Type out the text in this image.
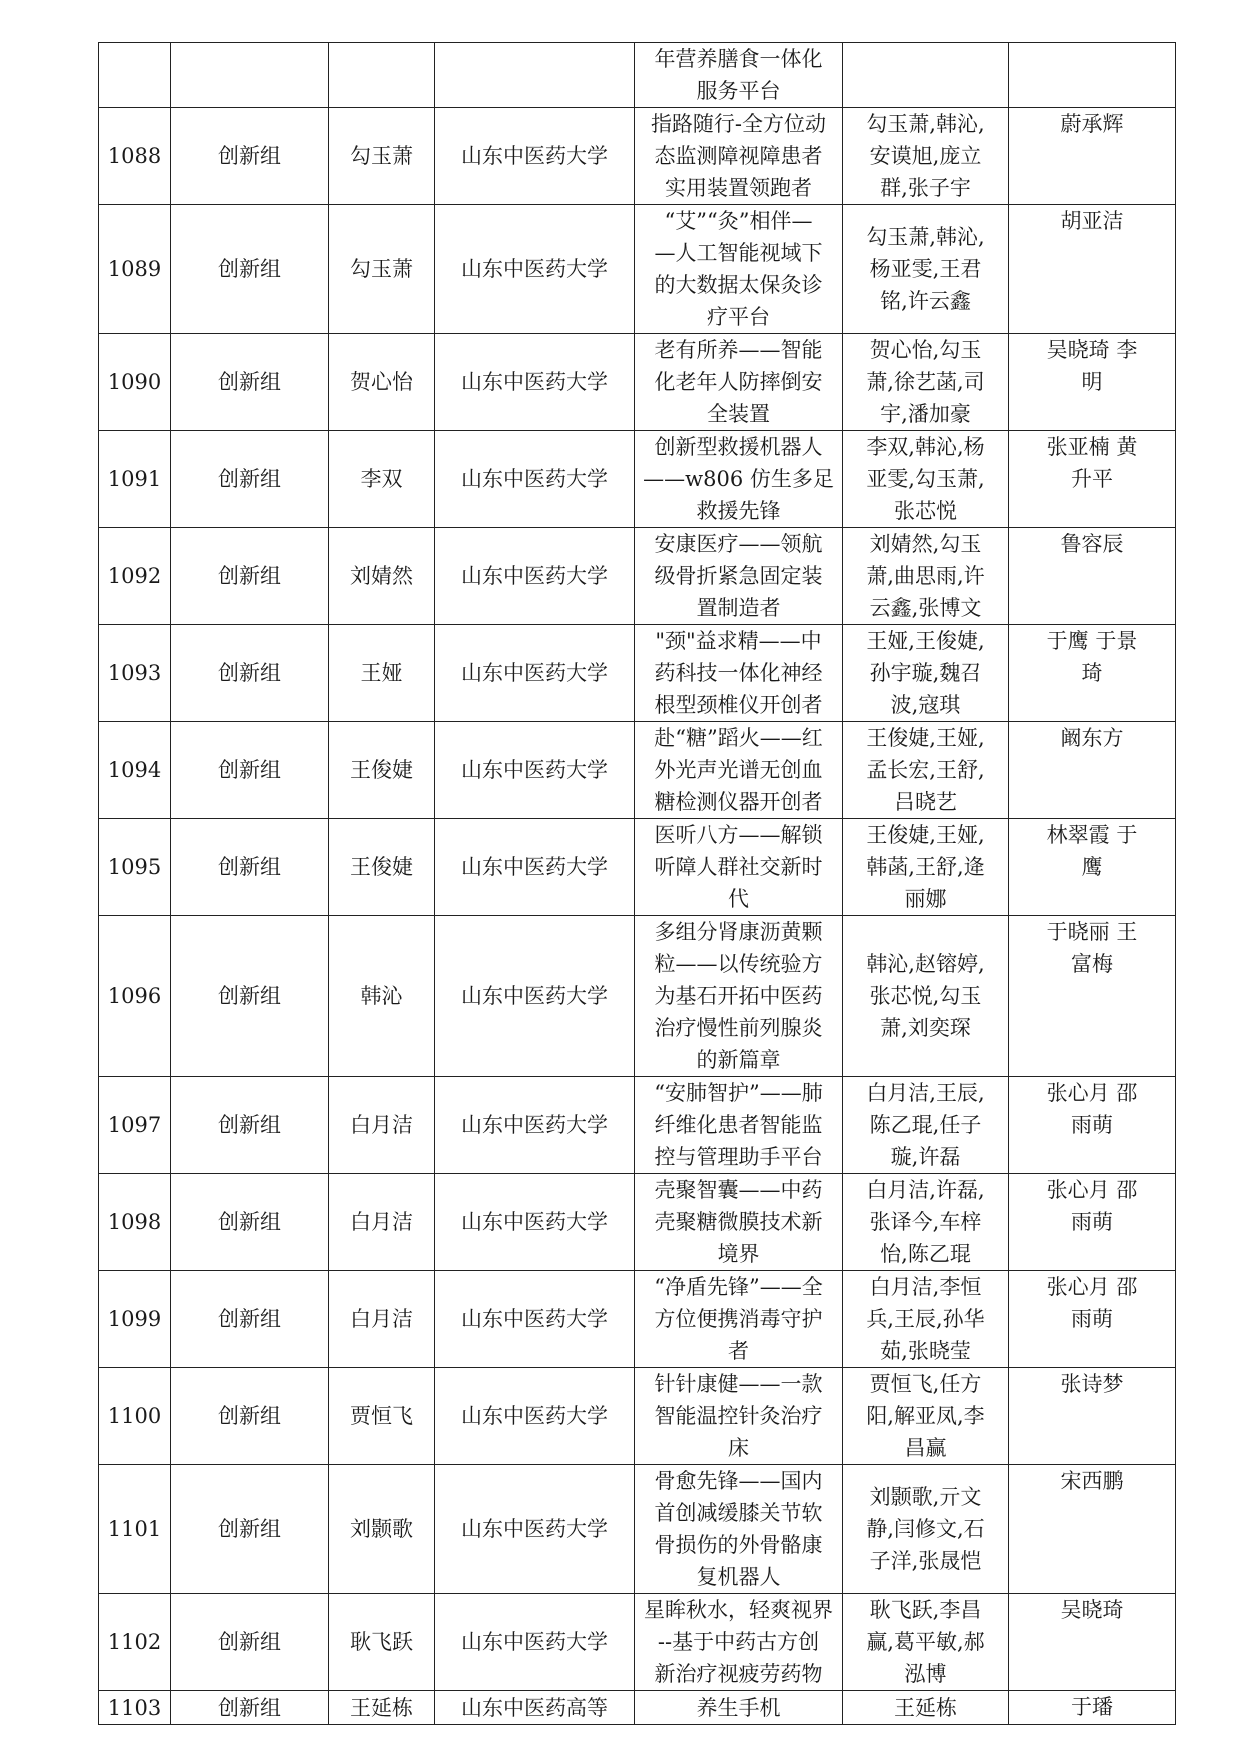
				年营养膳食一体化
服务平台		

1088	创新组	勾玉萧	山东中医药大学	指路随行-全方位动
态监测障视障患者
实用装置领跑者	勾玉萧,韩沁,
安谟旭,庞立
群,张子宇	蔚承辉

1089	创新组	勾玉萧	山东中医药大学	“艾”“灸”相伴—
—人工智能视域下
的大数据太保灸诊
疗平台	勾玉萧,韩沁,
杨亚雯,王君
铭,许云鑫	胡亚洁

1090	创新组	贺心怡	山东中医药大学	老有所养——智能
化老年人防摔倒安
全装置	贺心怡,勾玉
萧,徐艺菡,司
宇,潘加豪	吴晓琦 李
明

1091	创新组	李双	山东中医药大学	创新型救援机器人
——w806 仿生多足
救援先锋	李双,韩沁,杨
亚雯,勾玉萧,
张芯悦	张亚楠 黄
升平

1092	创新组	刘婧然	山东中医药大学	安康医疗——领航
级骨折紧急固定装
置制造者	刘婧然,勾玉
萧,曲思雨,许
云鑫,张博文	鲁容辰

1093	创新组	王娅	山东中医药大学	"颈"益求精——中
药科技一体化神经
根型颈椎仪开创者	王娅,王俊婕,
孙宇璇,魏召
波,寇琪	于鹰 于景
琦

1094	创新组	王俊婕	山东中医药大学	赴“糖”蹈火——红
外光声光谱无创血
糖检测仪器开创者	王俊婕,王娅,
孟长宏,王舒,
吕晓艺	阚东方

1095	创新组	王俊婕	山东中医药大学	医听八方——解锁
听障人群社交新时
代	王俊婕,王娅,
韩菡,王舒,逄
丽娜	林翠霞 于
鹰

1096	创新组	韩沁	山东中医药大学	多组分肾康沥黄颗
粒——以传统验方
为基石开拓中医药
治疗慢性前列腺炎
的新篇章	韩沁,赵镕婷,
张芯悦,勾玉
萧,刘奕琛	于晓丽 王
富梅

1097	创新组	白月洁	山东中医药大学	“安肺智护”——肺
纤维化患者智能监
控与管理助手平台	白月洁,王辰,
陈乙琨,任子
璇,许磊	张心月 邵
雨萌

1098	创新组	白月洁	山东中医药大学	壳聚智囊——中药
壳聚糖微膜技术新
境界	白月洁,许磊,
张译今,车梓
怡,陈乙琨	张心月 邵
雨萌

1099	创新组	白月洁	山东中医药大学	“净盾先锋”——全
方位便携消毒守护
者	白月洁,李恒
兵,王辰,孙华
茹,张晓莹	张心月 邵
雨萌

1100	创新组	贾恒飞	山东中医药大学	针针康健——一款
智能温控针灸治疗
床	贾恒飞,任方
阳,解亚凤,李
昌赢	张诗梦

1101	创新组	刘颢歌	山东中医药大学	骨愈先锋——国内
首创减缓膝关节软
骨损伤的外骨骼康
复机器人	刘颢歌,亓文
静,闫修文,石
子洋,张晟恺	宋西鹏

1102	创新组	耿飞跃	山东中医药大学	星眸秋水，轻爽视界
--基于中药古方创
新治疗视疲劳药物	耿飞跃,李昌
赢,葛平敏,郝
泓博	吴晓琦

1103	创新组	王延栋	山东中医药高等	养生手机	王延栋	于璠
